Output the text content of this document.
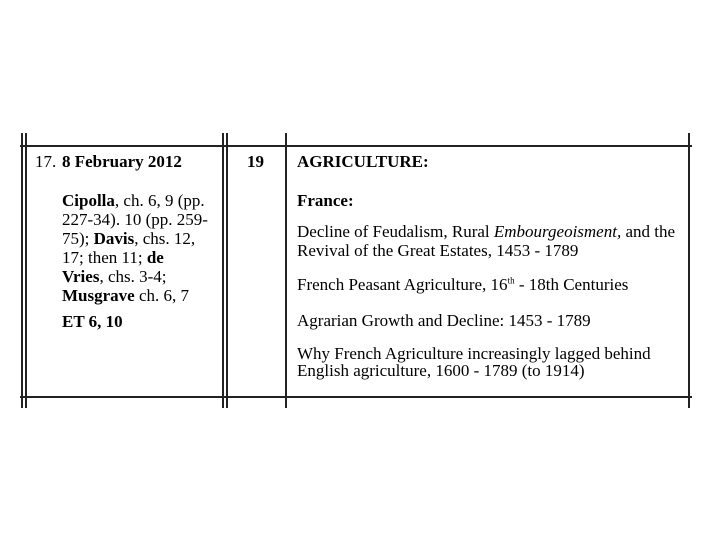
17. 8 February 2012
Cipolla, ch. 6, 9 (pp.
227-34). 10 (pp. 259-
75); Davis, chs. 12,
17; then 11; de
Vries, chs. 3-4;
Musgrave ch. 6, 7
ET 6, 10
19 AGRICULTURE:
France:
Decline of Feudalism, Rural Embourgeoisment, and the
Revival of the Great Estates, 1453 - 1789
French Peasant Agriculture, 16th - 18th Centuries
Agrarian Growth and Decline: 1453 - 1789
Why French Agriculture increasingly lagged behind
English agriculture, 1600 - 1789 (to 1914)
